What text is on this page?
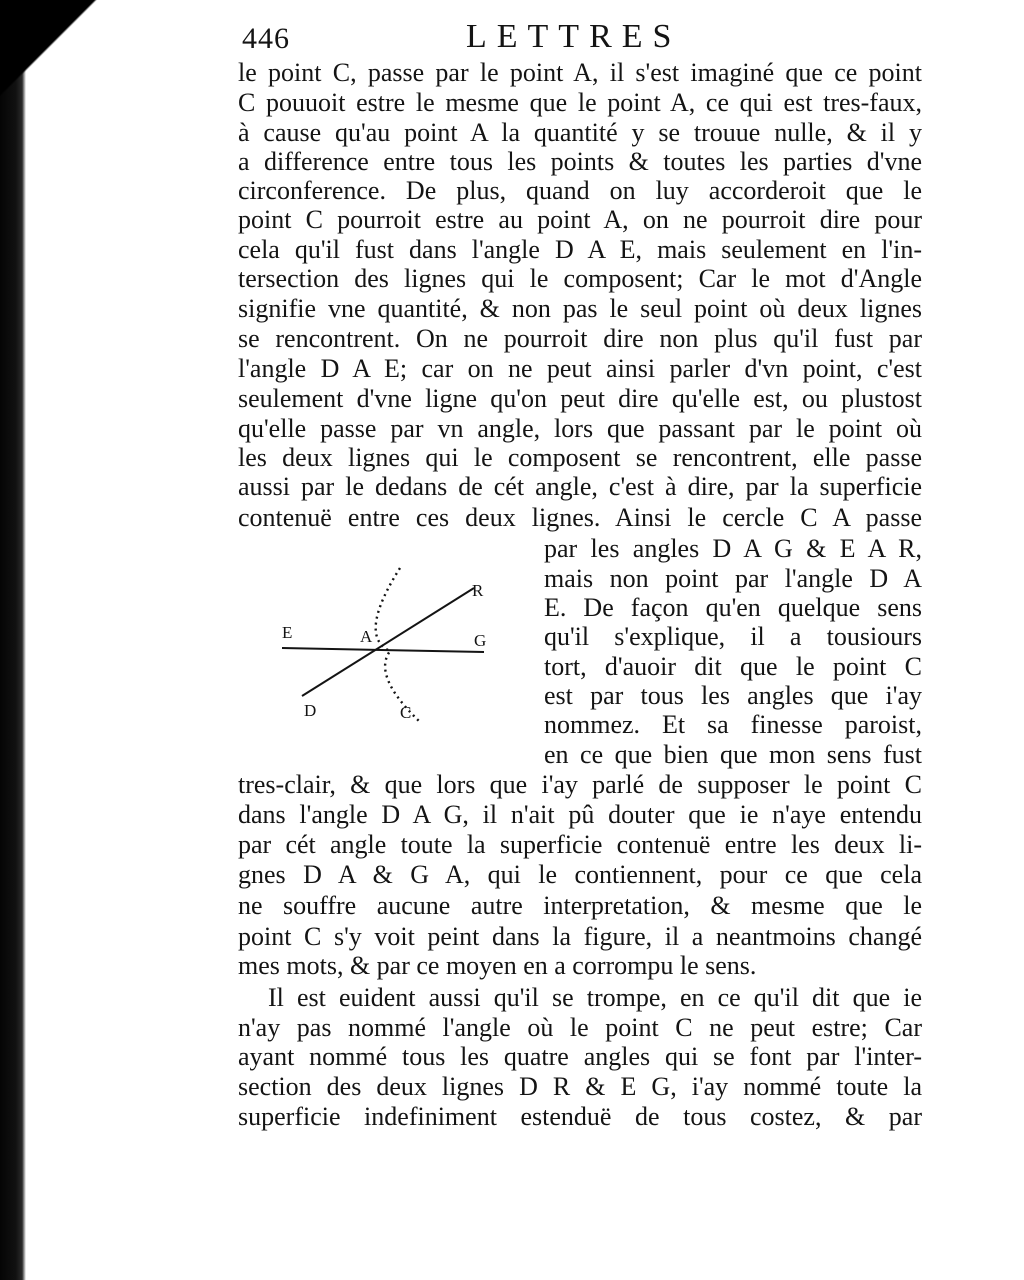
446	LETTRES

le point C, passe par le point A, il s'est imaginé que ce point

C pouuoit estre le mesme que le point A, ce qui est tres-faux,

à cause qu'au point A la quantité y se trouue nulle, & il y

a difference entre tous les points & toutes les parties d'vne

circonference. De plus, quand on luy accorderoit que le

point C pourroit estre au point A, on ne pourroit dire pour

cela qu'il fust dans l'angle D A E, mais seulement en l'in-

tersection des lignes qui le composent; Car le mot d'Angle

signifie vne quantité, & non pas le seul point où deux lignes

se rencontrent. On ne pourroit dire non plus qu'il fust par

l'angle D A E; car on ne peut ainsi parler d'vn point, c'est

seulement d'vne ligne qu'on peut dire qu'elle est, ou plustost

qu'elle passe par vn angle, lors que passant par le point où

les deux lignes qui le composent se rencontrent, elle passe

aussi par le dedans de cét angle, c'est à dire, par la superficie

contenuë entre ces deux lignes. Ainsi le cercle C A passe

par les angles D A G & E A R,

mais non point par l'angle D A

E. De façon qu'en quelque sens

qu'il s'explique, il a tousiours

tort, d'auoir dit que le point C

est par tous les angles que i'ay

nommez. Et sa finesse paroist,

en ce que bien que mon sens fust

E	A	G
R
D	C

tres-clair, & que lors que i'ay parlé de supposer le point C

dans l'angle D A G, il n'ait pû douter que ie n'aye entendu

par cét angle toute la superficie contenuë entre les deux li-

gnes D A & G A, qui le contiennent, pour ce que cela

ne souffre aucune autre interpretation, & mesme que le

point C s'y voit peint dans la figure, il a neantmoins changé

mes mots, & par ce moyen en a corrompu le sens.

Il est euident aussi qu'il se trompe, en ce qu'il dit que ie

n'ay pas nommé l'angle où le point C ne peut estre; Car

ayant nommé tous les quatre angles qui se font par l'inter-

section des deux lignes D R & E G, i'ay nommé toute la

superficie indefiniment estenduë de tous costez, & par
